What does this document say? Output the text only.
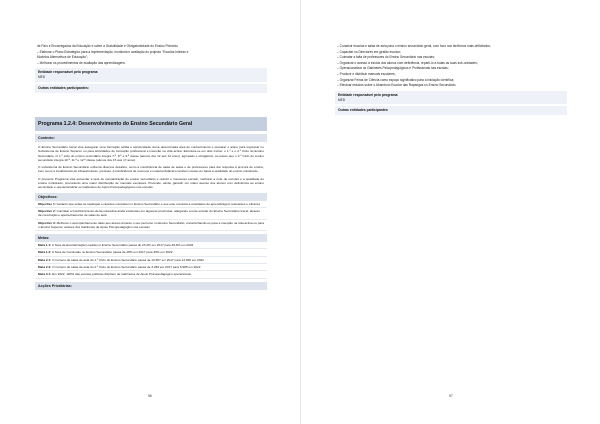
de País e Encarregados da Educação e sobre a Gratuitidade e Obrigatoriedade do Ensino Primário;
– Elaborar o Plano Estratégico para a implementação, monitoria e avaliação do projecto "Escolas Inteiras e
Modelos Alternativos de Educação";
– Melhorar os procedimentos de avaliação das aprendizagens.
Entidade responsável pelo programa
MED
Outras entidades participantes:
Programa 1.2.4: Desenvolvimento do Ensino Secundário Geral
Contexto:
O Ensino Secundário Geral visa assegurar uma formação sólida e aprofundada numa determinada área de conhecimento e preparar o aluno para ingressar no Subsistema de Ensino Superior ou para actividades de formação profissional e inserção na vida activa. Estrutura-se em dois Ciclos: o 1.º e o 2.º Ciclo do Ensino Secundário. O 1.º ciclo do ensino secundário integra 7.ª, 8.ª e 9.ª classe (alunos dos 12 aos 14 anos), agrupado e obrigatório, ao passo que o 2.º Ciclo do ensino secundário integra 10.ª, 11.ª e 12.ª classe (alunos dos 15 aos 17 anos).
O subsistema de Ensino Secundário enfrenta diversos desafios, como a insuficiência de salas de aulas e de professores para dar resposta à procura de ensino, bem como a insuficiência de infraestruturas, precisas. A insuficiência de recursos e material didáctico também causa um baixa a qualidade do ensino ministrado.
O presente Programa visa aumentar a taxa de escolarização do ensino secundário e reduzir o insucesso escolar, melhorar a rede de escolas e a qualidade do ensino ministrado, procurando uma maior distribuição de manuais escolares. Pretende, ainda, garantir um maior acesso dos alunos com deficiência ao ensino secundário e operacionalizar os Gabinetes de Apoio Psicopedagógicos nas escolas.
Objectivos:
Objectivo 1: Garantir que todas as raparigas e rapazes completem o Ensino Secundário e que este conduza a resultados de aprendizagem relevantes e eficazes
Objectivo 2: Colmatar a insuficiência da oferta educativa ainda existentes em algumas províncias, alargando a rede escolar do Ensino Secundário Geral, através da construção e apetrechamento de salas de aula
Objectivo 3: Melhorar o acompanhamento dado aos alunos durante o seu percurso no Ensino Secundário, encaminhando-os para a inserção na vida activa ou para o Ensino Superior, através dos Gabinetes de Apoio Psicopedagógico nas escolas
Metas:
Meta 1.1: A Taxa de Escolarização Líquida no Ensino Secundário passa de 23,4% em 2017 para 49,6% em 2022
Meta 1.2: A Taxa de Conclusão no Ensino Secundário passa de 28% em 2017 para 30% em 2022
Meta 2.1: O número de salas de aula do 1.º Ciclo do Ensino Secundário passa de 10.657 em 2017 para 14.830 em 2022
Meta 2.2: O número de salas de aula do 2.º Ciclo do Ensino Secundário passa de 3.283 em 2017 para 5.985 em 2022
Meta 3.1: Em 2022, 100% das escolas públicas dispõem de Gabinetes de Apoio Psicopedagógico operacionais
Acções Prioritárias:
96
– Construir escolas e salas de aula para o ensino secundário geral, com foco nos territórios mais deficitários;
– Capacitar os Directores em gestão escolar;
– Colmatar a falta de professores do Ensino Secundário nas escolas;
– Organizar o acesso à escola dos alunos com deficiência, reparti-lo a todas as suas sub-unidades;
– Operacionalizar os Gabinetes Psicopedagógicos e Profissionais nas escolas;
– Produzir e distribuir manuais escolares;
– Organizar Feiras de Ciência como espaço significativo para a iniciação científica;
– Efectuar estudos sobre o Abandono Escolar das Raparigas no Ensino Secundário.
Entidade responsável pelo programa
MED
Outras entidades participantes
97
